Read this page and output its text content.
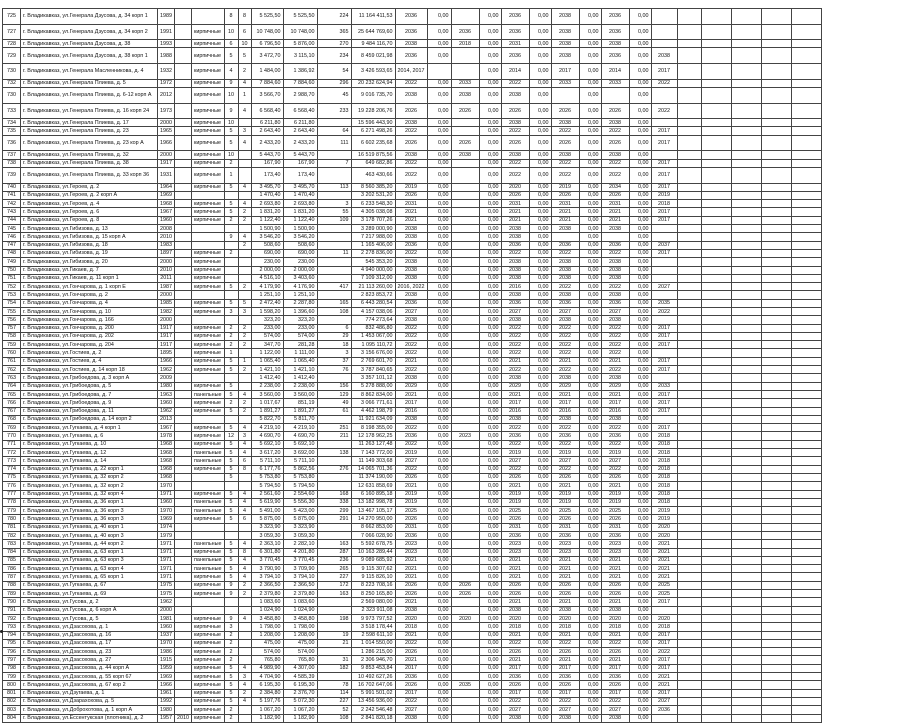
725	г. Владикавказ, ул.Генерала Дзусова, д. 34 корп 1	1989			8	8	5 525,50	5 525,50	224	11 164 411,53	2036	0,00		0,00	2036	0,00	2038	0,00	2036	0,00						
727	г. Владикавказ, ул.Генерала Дзусова, д. 34 корп 2	1991		кирпичные	10	6	10 748,00	10 748,00	365	25 644 769,60	2036	0,00	2036	0,00	2036	0,00	2038	0,00	2036	0,00						
728	г. Владикавказ, ул.Генерала Дзусова, д. 38	1993		кирпичные	6	10	6 796,50	5 876,00	270	9 484 116,70	2038	0,00	2018	0,00	2031	0,00	2038	0,00	2038	0,00						
729	г. Владикавказ, ул.Генерала Дзусова, д. 38 корп 1	1988		кирпичные	5	5	3 472,70	3 115,10	234	8 459 021,98	2036	0,00		0,00	2036	0,00	2038	0,00	2036	0,00	2038					
730	г. Владикавказ, ул.Генерала Масленникова, д. 4	1932		кирпичные	4	2	1 484,00	1 386,92	54	3 426 593,65	2014, 2017			0,00	2014	0,00	2017	0,00	2014	0,00	2017					
732	г. Владикавказ, ул.Генерала Плиева, д. 5	1972		кирпичные	9	4	7 884,60	7 884,60	296	20 232 624,94	2022	0,00	2033	0,00	2022	0,00	2033	0,00	2033	0,00	2022					
730	г. Владикавказ, ул.Генерала Плиева, д. 6-12 корп А	2012		кирпичные	10	1	3 566,70	2 988,70	45	9 016 735,70	2038	0,00	2038	0,00	2038	0,00		0,00		0,00						
733	г. Владикавказ, ул.Генерала Плиева, д. 16 корп 24	1973		кирпичные	9	4	6 568,40	6 568,40	233	19 228 206,76	2026	0,00	2026	0,00	2026	0,00	2026	0,00	2026	0,00	2022					
734	г. Владикавказ, ул.Генерала Плиева, д. 17	2000		кирпичные	10		6 211,80	6 211,80		15 596 443,90	2038	0,00		0,00	2038	0,00	2038	0,00	2038	0,00						
735	г. Владикавказ, ул.Генерала Плиева, д. 23	1965		кирпичные	5	3	2 643,40	2 643,40	64	6 271 498,26	2022	0,00		0,00	2022	0,00	2022	0,00	2022	0,00	2017					
736	г. Владикавказ, ул.Генерала Плиева, д. 23 кор А	1966		кирпичные	5	4	2 433,20	2 433,20	111	6 602 235,68	2026	0,00	2026	0,00	2026	0,00	2026	0,00	2026	0,00	2017					
737	г. Владикавказ, ул.Генерала Плиева, д. 32	2000		кирпичные	10		5 443,70	5 443,70		16 519 875,56	2038	0,00	2038	0,00	2038	0,00	2038	0,00	2038	0,00						
738	г. Владикавказ, ул.Генерала Плиева, д. 38	1917		кирпичные	2		167,90	167,90	7	649 682,86	2022	0,00		0,00	2022	0,00	2022	0,00	2022	0,00	2017					
739	г. Владикавказ, ул.Генерала Плиева, д. 33 корп 36	1931		кирпичные	1		173,40	173,40		463 430,66	2022	0,00		0,00	2022	0,00	2022	0,00	2022	0,00	2017					
740	г. Владикавказ, ул.Героев, д. 2	1964		кирпичные	5	4	3 495,70	3 495,70	113	8 560 385,20	2019	0,00		0,00	2020	0,00	2019	0,00	2034	0,00	2017					
741	г. Владикавказ, ул.Героев, д. 2 корп А	1969					1 470,40	1 470,40		3 202 531,20	2026	0,00		0,00	2026	0,00	2026	0,00	2026	0,00	2019					
742	г. Владикавказ, ул.Героев, д. 4	1968		кирпичные	5	4	2 693,80	2 693,80	3	6 233 548,30	2031	0,00		0,00	2031	0,00	2031	0,00	2031	0,00	2018					
743	г. Владикавказ, ул.Героев, д. 6	1967		кирпичные	5	2	1 831,20	1 831,20	55	4 305 038,08	2021	0,00		0,00	2021	0,00	2021	0,00	2021	0,00	2017					
744	г. Владикавказ, ул.Героев, д. 8	1960		кирпичные	2	2	1 122,40	1 122,40	109	3 178 707,26	2021	0,00		0,00	2021	0,00	2021	0,00	2021	0,00	2017					
745	г. Владикавказ, ул.Гибизова, д. 13	2008					1 500,90	1 500,90		3 289 000,90	2038	0,00		0,00	2038	0,00	2038	0,00	2038	0,00						
746	г. Владикавказ, ул.Гибизова, д. 15 корп А	2010			9	4	3 546,20	3 546,20		7 217 988,00	2038	0,00		0,00	2038	0,00		0,00		0,00						
747	г. Владикавказ, ул.Гибизова, д. 18	1983				2	508,60	508,60		1 165 406,00	2036	0,00		0,00	2036	0,00	2036	0,00	2036	0,00	2037					
748	г. Владикавказ, ул.Гибизова, д. 19	1897		кирпичные	2		690,00	690,00	11	2 278 836,00	2022	0,00		0,00	2022	0,00	2022	0,00	2022	0,00	2017					
749	г. Владикавказ, ул.Гибизова, д. 20	2000		кирпичные			230,00	230,00		545 353,20	2038	0,00		0,00	2038	0,00	2038	0,00	2038	0,00						
750	г. Владикавказ, ул.Гикаев, д. 7	2010		кирпичные			2 000,00	2 000,00		4 940 000,00	2038	0,00		0,00	2038	0,00	2038	0,00	2038	0,00						
751	г. Владикавказ, ул.Гикаев, д. 11 корп 1	2011		кирпичные			4 516,10	3 403,60		7 109 312,00	2038	0,00		0,00	2038	0,00	2038	0,00	2038	0,00						
752	г. Владикавказ, ул.Гончарова, д. 1 корп Е	1987		кирпичные	5	2	4 179,90	4 176,90	417	21 113 260,00	2016, 2022	0,00		0,00	2016	0,00	2022	0,00	2022	0,00	2027					
753	г. Владикавказ, ул.Гончарова, д. 2	2000					1 251,10	1 251,10		2 823 853,72	2038	0,00		0,00	2038	0,00	2038	0,00	2038	0,00						
754	г. Владикавказ, ул.Гончарова, д. 4	1985		кирпичные	5	5	2 472,40	2 287,80	165	6 443 280,54	2036	0,00		0,00	2036	0,00	2036	0,00	2036	0,00	2035					
755	г. Владикавказ, ул.Гончарова, д. 10	1982		кирпичные	3	3	1 598,20	1 396,60	108	4 157 038,06	2027	0,00		0,00	2027	0,00	2027	0,00	2027	0,00	2022					
756	г. Владикавказ, ул.Гончарова, д. 166	2000					323,20	323,20		774 273,64	2038	0,00		0,00	2038	0,00	2038	0,00	2038	0,00						
757	г. Владикавказ, ул.Гончарова, д. 200	1917		кирпичные	2	2	233,00	233,00	6	832 486,80	2022	0,00		0,00	2022	0,00	2022	0,00	2022	0,00	2017					
758	г. Владикавказ, ул.Гончарова, д. 202	1917		кирпичные	2	2	574,00	574,00	29	1 453 067,00	2022	0,00		0,00	2022	0,00	2022	0,00	2022	0,00	2017					
759	г. Владикавказ, ул.Гончарова, д. 204	1917		кирпичные	2	2	347,70	281,28	18	1 095 110,72	2022	0,00		0,00	2022	0,00	2022	0,00	2022	0,00	2017					
760	г. Владикавказ, ул.Гостиев, д. 2	1895		кирпичные	1		1 122,00	1 111,00	3	3 156 676,00	2022	0,00		0,00	2022	0,00	2022	0,00	2022	0,00						
761	г. Владикавказ, ул.Гостиев, д. 4	1966		кирпичные	5	1	1 065,40	1 065,40	37	2 769 601,70	2021	0,00		0,00	2021	0,00	2021	0,00	2021	0,00	2017					
762	г. Владикавказ, ул.Гостиев, д. 14 корп 18	1962		кирпичные	5	2	1 421,10	1 421,10	76	3 787 840,65	2022	0,00		0,00	2022	0,00	2022	0,00	2022	0,00	2017					
763	г. Владикавказ, ул.Грибоедова, д. 3 корп А	2009					1 412,40	1 412,40		3 357 101,12	2038	0,00		0,00	2038	0,00	2038	0,00	2038	0,00						
764	г. Владикавказ, ул.Грибоедова, д. 5	1980		кирпичные	5		2 238,00	2 238,00	156	5 278 888,00	2029	0,00		0,00	2029	0,00	2029	0,00	2029	0,00	2033					
765	г. Владикавказ, ул.Грибоедова, д. 7	1963		панельные	5	4	3 560,00	3 560,00	129	8 862 834,00	2021	0,00		0,00	2021	0,00	2021	0,00	2021	0,00	2017					
766	г. Владикавказ, ул.Грибоедова, д. 9	1960		кирпичные	2	2	1 017,67	851,19	49	3 066 771,61	2017	0,00		0,00	2017	0,00	2017	0,00	2017	0,00	2017					
767	г. Владикавказ, ул.Грибоедова, д. 11	1962		кирпичные	5	2	1 891,27	1 891,27	61	4 462 198,79	2016	0,00		0,00	2016	0,00	2016	0,00	2016	0,00	2017					
768	г. Владикавказ, ул.Грибоедова, д. 14 корп 2	2013					5 822,70	5 811,70		11 921 634,09	2038	0,00		0,00	2038	0,00	2038	0,00	2038	0,00						
769	г. Владикавказ, ул.Гугкаева, д. 4 корп 1	1967		кирпичные	5	4	4 219,10	4 219,10	251	8 198 355,00	2022	0,00		0,00	2022	0,00	2022	0,00	2022	0,00	2017					
770	г. Владикавказ, ул.Гугкаева, д. 6	1978		кирпичные	12	3	4 690,70	4 690,70	211	12 178 962,25	2036	0,00	2023	0,00	2036	0,00	2036	0,00	2036	0,00	2018					
771	г. Владикавказ, ул.Гугкаева, д. 10	1968		кирпичные	5	4	5 692,10	5 692,10		11 263 127,48	2022	0,00		0,00	2022	0,00	2022	0,00	2022	0,00	2018					
772	г. Владикавказ, ул.Гугкаева, д. 12	1968		панельные	5	4	3 617,20	3 692,00	138	7 143 772,00	2019	0,00		0,00	2019	0,00	2019	0,00	2019	0,00	2018					
773	г. Владикавказ, ул.Гугкаева, д. 14	1968		панельные	5	6	5 711,10	5 711,10		11 149 303,68	2027	0,00		0,00	2027	0,00	2027	0,00	2027	0,00	2018					
774	г. Владикавказ, ул.Гугкаева, д. 22 корп 1	1968		кирпичные	5	8	6 177,76	5 862,56	276	14 065 701,36	2022	0,00		0,00	2022	0,00	2022	0,00	2022	0,00	2018					
775	г. Владикавказ, ул.Гугкаева, д. 32 корп 2	1968			5		5 753,80	5 753,80		11 374 190,00	2026	0,00		0,00	2026	0,00	2026	0,00	2026	0,00	2018					
776	г. Владикавказ, ул.Гугкаева, д. 32 корп 2	1970					5 794,50	5 794,50		12 631 858,69	2021	0,00		0,00	2021	0,00	2021	0,00	2021	0,00	2018					
777	г. Владикавказ, ул.Гугкаева, д. 32 корп 4	1971		кирпичные	5	4	2 561,60	2 554,60	168	6 160 895,18	2019	0,00		0,00	2019	0,00	2019	0,00	2019	0,00	2018					
778	г. Владикавказ, ул.Гугкаева, д. 36 корп 1	1960		панельные	5	4	5 619,90	5 556,30	338	13 182 998,78	2019	0,00		0,00	2019	0,00	2019	0,00	2019	0,00	2018					
779	г. Владикавказ, ул.Гугкаева, д. 36 корп 3	1970		панельные	5	4	5 491,00	5 423,00	299	13 467 105,17	2025	0,00		0,00	2025	0,00	2025	0,00	2025	0,00	2019					
780	г. Владикавказ, ул.Гугкаева, д. 36 корп 3	1969		кирпичные	5	6	5 875,00	5 875,00	291	14 270 950,00	2026	0,00		0,00	2026	0,00	2026	0,00	2026	0,00	2019					
781	г. Владикавказ, ул.Гугкаева, д. 40 корп 1	1974					3 323,90	3 323,90		8 662 853,00	2031	0,00		0,00	2031	0,00	2031	0,00	2031	0,00	2020					
782	г. Владикавказ, ул.Гугкаева, д. 40 корп 3	1979					3 059,30	3 059,30		7 066 028,90	2036	0,00		0,00	2036	0,00	2036	0,00	2036	0,00	2020					
783	г. Владикавказ, ул.Гугкаева, д. 44 корп 2	1971		панельные	5	4	2 363,10	2 282,10	163	5 592 678,75	2023	0,00		0,00	2023	0,00	2023	0,00	2023	0,00	2021					
784	г. Владикавказ, ул.Гугкаева, д. 63 корп 1	1971		кирпичные	5	8	6 301,80	4 201,80	287	10 163 289,44	2023	0,00		0,00	2023	0,00	2023	0,00	2023	0,00	2021					
785	г. Владикавказ, ул.Гугкаева, д. 63 корп 3	1971		панельные	5	4	3 770,45	3 770,45	236	9 089 685,92	2021	0,00		0,00	2021	0,00	2021	0,00	2021	0,00	2021					
786	г. Владикавказ, ул.Гугкаева, д. 63 корп 4	1971		панельные	5	4	3 790,90	3 709,90	265	9 115 307,62	2021	0,00		0,00	2021	0,00	2021	0,00	2021	0,00	2021					
787	г. Владикавказ, ул.Гугкаева, д. 65 корп 1	1971		кирпичные	5	4	3 794,10	3 794,10	227	9 115 826,10	2021	0,00		0,00	2021	0,00	2021	0,00	2021	0,00	2021					
788	г. Владикавказ, ул.Гугкаева, д. 67	1975		кирпичные	9	2	2 366,50	2 366,50	172	8 223 708,16	2026	0,00	2026	0,00	2026	0,00	2026	0,00	2026	0,00	2025					
789	г. Владикавказ, ул.Гугкаева, д. 69	1975		кирпичные	9	2	2 379,80	2 379,80	163	8 250 165,80	2026	0,00	2026	0,00	2026	0,00	2026	0,00	2026	0,00	2025					
790	г. Владикавказ, ул.Гусова, д. 2	1962					1 083,60	1 083,60		2 569 080,00	2021	0,00		0,00	2021	0,00	2021	0,00	2021	0,00	2017					
791	г. Владикавказ, ул.Гусова, д. 6 корп А	2000					1 024,90	1 024,90		2 323 911,08	2038	0,00		0,00	2038	0,00	2038	0,00	2038	0,00						
792	г. Владикавказ, ул.Гусова, д. 5	1981		кирпичные	9	4	3 458,80	3 458,80	198	9 973 797,52	2020	0,00	2020	0,00	2020	0,00	2020	0,00	2020	0,00	2020					
793	г. Владикавказ, ул.Дзасохова, д. 1	1960		кирпичные	3		1 798,00	1 798,00		3 518 178,44	2018	0,00		0,00	2018	0,00	2018	0,00	2018	0,00	2018					
794	г. Владикавказ, ул.Дзасохова, д. 16	1937		кирпичные	2		1 208,00	1 208,00	19	2 598 611,10	2021	0,00		0,00	2021	0,00	2021	0,00	2021	0,00	2017					
795	г. Владикавказ, ул.Дзасохова, д. 17	1970		кирпичные	2		475,00	475,00	21	1 014 550,00	2022	0,00		0,00	2022	0,00	2022	0,00	2022	0,00	2017					
796	г. Владикавказ, ул.Дзасохова, д. 23	1986		кирпичные	2		574,00	574,00		1 286 215,00	2026	0,00		0,00	2026	0,00	2026	0,00	2026	0,00	2022					
797	г. Владикавказ, ул.Дзасохова, д. 27	1915		кирпичные	2		765,80	765,80	31	2 306 946,70	2021	0,00		0,00	2021	0,00	2021	0,00	2021	0,00	2017					
798	г. Владикавказ, ул.Дзасохова, д. 44 корп А	1959		кирпичные	5	4	4 989,90	4 307,00	182	9 853 453,84	2017	0,00		0,00	2017	0,00	2017	0,00	2017	0,00	2017					
799	г. Владикавказ, ул.Дзасохова, д. 55 корп 67	1969		кирпичные	5	3	4 704,90	4 585,39		10 492 627,26	2036	0,00		0,00	2036	0,00	2036	0,00	2036	0,00	2021					
800	г. Владикавказ, ул.Дзасохова, д. 67 кор 2	1966		кирпичные	5	4	6 195,30	6 195,30	78	16 702 647,06	2026	0,00	2035	0,00	2026	0,00	2026	0,00	2026	0,00	2021					
801	г. Владикавказ, ул.Дзугаева, д. 1	1961		кирпичные	5	2	2 384,80	2 376,70	114	5 991 501,02	2017	0,00		0,00	2017	0,00	2017	0,00	2017	0,00	2017					
802	г. Владикавказ, ул.Дзарахохова, д. 5	1992		кирпичные	5	4	5 197,76	5 072,30	227	13 456 936,00	2022	0,00		0,00	2022	0,00	2022	0,00	2022	0,00	2027					
803	г. Владикавказ, ул.Доброхотова, д. 1 корп А	1980		кирпичные	2		1 067,20	1 067,20	52	2 242 546,48	2027	0,00		0,00	2027	0,00	2027	0,00	2027	0,00	2036					
804	г. Владикавказ, ул.Ессентукская (плотника), д. 2	1957	2010	кирпичные	2		1 182,90	1 182,90	108	2 841 820,18	2038	0,00		0,00	2038	0,00	2038	0,00	2038	0,00						
